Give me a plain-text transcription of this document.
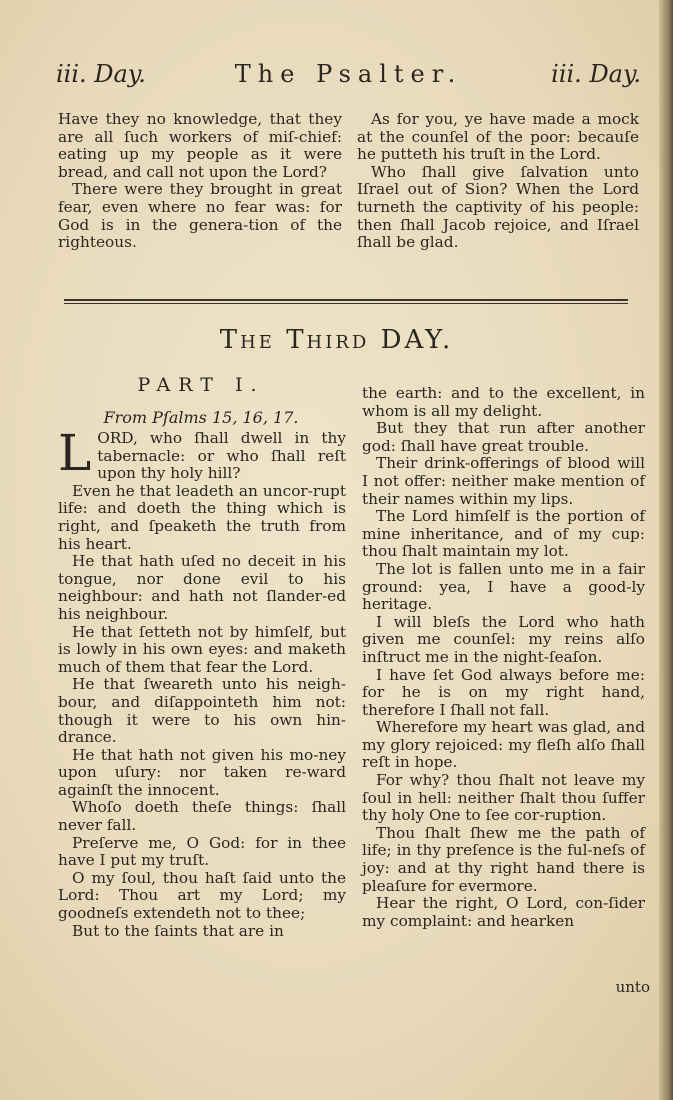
iii. Day.	The Psalter.	iii. Day.

Have they no knowledge, that they are all ſuch workers of miſ-chief: eating up my people as it were bread, and call not upon the Lord?

There were they brought in great fear, even where no fear was: for God is in the genera-tion of the righteous.

As for you, ye have made a mock at the counſel of the poor: becauſe he putteth his truſt in the Lord.

Who ſhall give ſalvation unto Iſrael out of Sion? When the Lord turneth the captivity of his people: then ſhall Jacob rejoice, and Iſrael ſhall be glad.

The Third DAY.
PART I.
From Pſalms 15, 16, 17.

LORD, who ſhall dwell in thy tabernacle: or who ſhall reſt upon thy holy hill?

Even he that leadeth an uncor-rupt life: and doeth the thing which is right, and ſpeaketh the truth from his heart.

He that hath uſed no deceit in his tongue, nor done evil to his neighbour: and hath not ſlander-ed his neighbour.

He that ſetteth not by himſelf, but is lowly in his own eyes: and maketh much of them that fear the Lord.

He that ſweareth unto his neigh-bour, and diſappointeth him not: though it were to his own hin-drance.

He that hath not given his mo-ney upon uſury: nor taken re-ward againſt the innocent.

Whoſo doeth theſe things: ſhall never fall.

Preſerve me, O God: for in thee have I put my truſt.

O my ſoul, thou haſt ſaid unto the Lord: Thou art my Lord; my goodneſs extendeth not to thee;

But to the ſaints that are in

the earth: and to the excellent, in whom is all my delight.

But they that run after another god: ſhall have great trouble.

Their drink-offerings of blood will I not offer: neither make mention of their names within my lips.

The Lord himſelf is the portion of mine inheritance, and of my cup: thou ſhalt maintain my lot.

The lot is fallen unto me in a fair ground: yea, I have a good-ly heritage.

I will bleſs the Lord who hath given me counſel: my reins alſo inſtruct me in the night-ſeaſon.

I have ſet God always before me: for he is on my right hand, therefore I ſhall not fall.

Wherefore my heart was glad, and my glory rejoiced: my fleſh alſo ſhall reſt in hope.

For why? thou ſhalt not leave my ſoul in hell: neither ſhalt thou ſuffer thy holy One to ſee cor-ruption.

Thou ſhalt ſhew me the path of life; in thy preſence is the ful-neſs of joy: and at thy right hand there is pleaſure for evermore.

Hear the right, O Lord, con-ſider my complaint: and hearken

unto
